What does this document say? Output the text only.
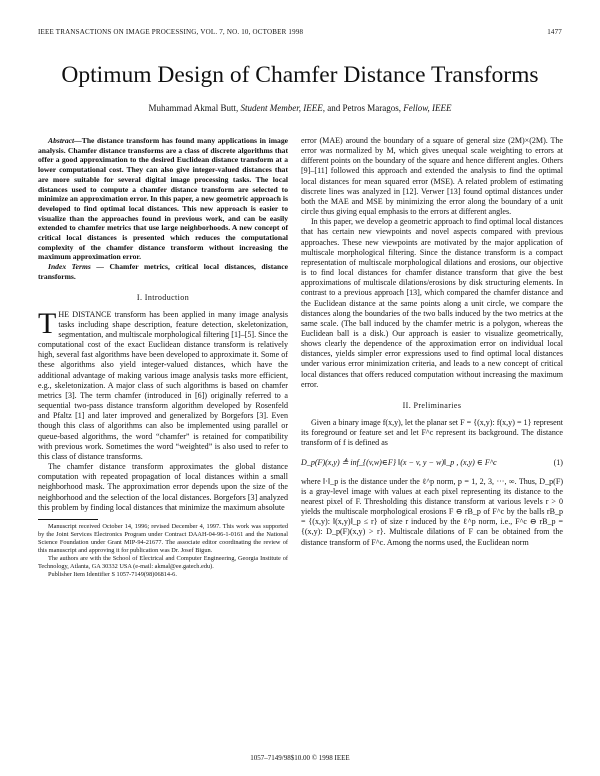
IEEE TRANSACTIONS ON IMAGE PROCESSING, VOL. 7, NO. 10, OCTOBER 1998	1477
Optimum Design of Chamfer Distance Transforms
Muhammad Akmal Butt, Student Member, IEEE, and Petros Maragos, Fellow, IEEE

Abstract—The distance transform has found many applications in image analysis. Chamfer distance transforms are a class of discrete algorithms that offer a good approximation to the desired Euclidean distance transform at a lower computational cost. They can also give integer-valued distances that are more suitable for several digital image processing tasks. The local distances used to compute a chamfer distance transform are selected to minimize an approximation error. In this paper, a new geometric approach is developed to find optimal local distances. This new approach is easier to visualize than the approaches found in previous work, and can be easily extended to chamfer metrics that use large neighborhoods. A new concept of critical local distances is presented which reduces the computational complexity of the chamfer distance transform without increasing the maximum approximation error.

Index Terms — Chamfer metrics, critical local distances, distance transforms.

I. Introduction

THE DISTANCE transform has been applied in many image analysis tasks including shape description, feature detection, skeletonization, segmentation, and multiscale morphological filtering [1]–[5]. Since the computational cost of the exact Euclidean distance transform is relatively high, several fast algorithms have been developed to approximate it. Some of these algorithms also yield integer-valued distances, which have the additional advantage of making various image analysis tasks more efficient, e.g., skeletonization. A major class of such algorithms is based on chamfer metrics [3]. The term chamfer (introduced in [6]) originally referred to a sequential two-pass distance transform algorithm developed by Rosenfeld and Pfaltz [1] and later improved and generalized by Borgefors [3]. Even though this class of algorithms can also be implemented using parallel or queue-based algorithms, the word “chamfer” is retained for compatibility with previous work. Sometimes the word “weighted” is also used to refer to this class of distance transforms.

The chamfer distance transform approximates the global distance computation with repeated propagation of local distances within a small neighborhood mask. The approximation error depends upon the size of the neighborhood and the selection of the local distances. Borgefors [3] analyzed this problem by finding local distances that minimize the maximum absolute

Manuscript received October 14, 1996; revised December 4, 1997. This work was supported by the Joint Services Electronics Program under Contract DAAH-04-96-1-0161 and the National Science Foundation under Grant MIP-94-21677. The associate editor coordinating the review of this manuscript and approving it for publication was Dr. Josef Bigun.

The authors are with the School of Electrical and Computer Engineering, Georgia Institute of Technology, Atlanta, GA 30332 USA (e-mail: akmal@ee.gatech.edu).

Publisher Item Identifier S 1057-7149(98)06814-6.

error (MAE) around the boundary of a square of general size (2M)×(2M). The error was normalized by M, which gives unequal scale weighting to errors at different points on the boundary of the square and hence different angles. Others [9]–[11] followed this approach and extended the analysis to find the optimal local distances for mean squared error (MSE). A related problem of estimating discrete lines was analyzed in [12]. Verwer [13] found optimal distances under both the MAE and MSE by minimizing the error along the boundary of a unit circle thus giving equal emphasis to the errors at different angles.

In this paper, we develop a geometric approach to find optimal local distances that has certain new viewpoints and novel aspects compared with previous approaches. These new viewpoints are motivated by the major application of multiscale morphological filtering. Since the distance transform is a compact representation of multiscale morphological dilations and erosions, our objective is to find local distances for chamfer distance transform that give the best approximations of multiscale dilations/erosions by disk structuring elements. In contrast to a previous approach [13], which compared the chamfer distance and the Euclidean distance at the same points along a unit circle, we compare the distances along the boundaries of the two balls induced by the two metrics at the same scale. (The ball induced by the chamfer metric is a polygon, whereas the Euclidean ball is a disk.) Our approach is easier to visualize geometrically, shows clearly the dependence of the approximation error on individual local distances, yields simpler error expressions used to find optimal local distances under various error minimization criteria, and leads to a new concept of critical local distances that offers reduced computation without increasing the maximum error.

II. Preliminaries

Given a binary image f(x,y), let the planar set F = {(x,y): f(x,y) = 1} represent its foreground or feature set and let F^c represent its background. The distance transform of f is defined as

D_p(F)(x,y) ≜ inf_{(v,w)∈F} ‖(x − v, y − w)‖_p , (x,y) ∈ F^c	(1)

where ‖·‖_p is the distance under the ℓ^p norm, p = 1, 2, 3, ···, ∞. Thus, D_p(F) is a gray-level image with values at each pixel representing its distance to the nearest pixel of F. Thresholding this distance transform at various levels r > 0 yields the multiscale morphological erosions F ⊖ rB_p of F^c by the balls rB_p = {(x,y): ‖(x,y)‖_p ≤ r} of size r induced by the ℓ^p norm, i.e., F^c ⊖ rB_p = {(x,y): D_p(F)(x,y) > r}. Multiscale dilations of F can be obtained from the distance transform of F^c. Among the norms used, the Euclidean norm

1057–7149/98$10.00 © 1998 IEEE
